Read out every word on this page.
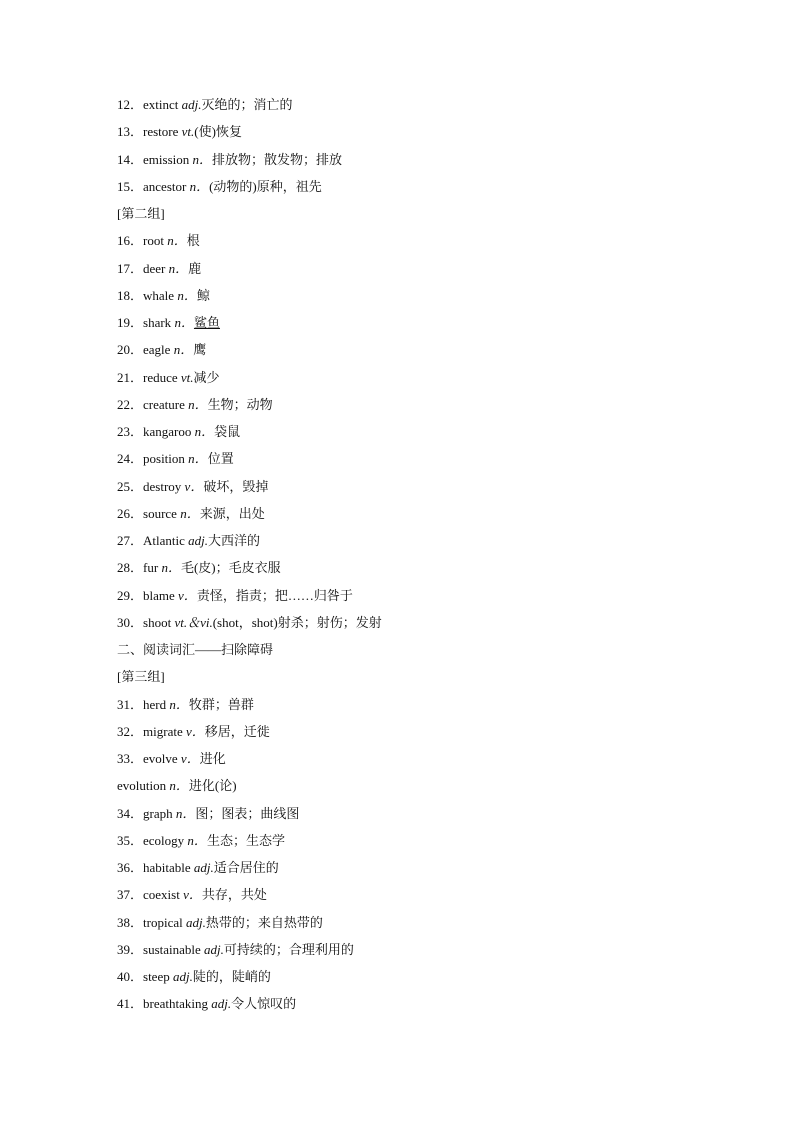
12．extinct adj.灭绝的；消亡的
13．restore vt.(使)恢复
14．emission n．排放物；散发物；排放
15．ancestor n．(动物的)原种，祖先
[第二组]
16．root n．根
17．deer n．鹿
18．whale n．鲸
19．shark n．鲨鱼
20．eagle n．鹰
21．reduce vt.减少
22．creature n．生物；动物
23．kangaroo n．袋鼠
24．position n．位置
25．destroy v．破坏，毁掉
26．source n．来源，出处
27．Atlantic adj.大西洋的
28．fur n．毛(皮)；毛皮衣服
29．blame v．责怪，指责；把……归咎于
30．shoot vt.＆vi.(shot，shot)射杀；射伤；发射
二、阅读词汇——扫除障碍
[第三组]
31．herd n．牧群；兽群
32．migrate v．移居，迁徙
33．evolve v．进化
evolution n．进化(论)
34．graph n．图；图表；曲线图
35．ecology n．生态；生态学
36．habitable adj.适合居住的
37．coexist v．共存，共处
38．tropical adj.热带的；来自热带的
39．sustainable adj.可持续的；合理利用的
40．steep adj.陡的，陡峭的
41．breathtaking adj.令人惊叹的
